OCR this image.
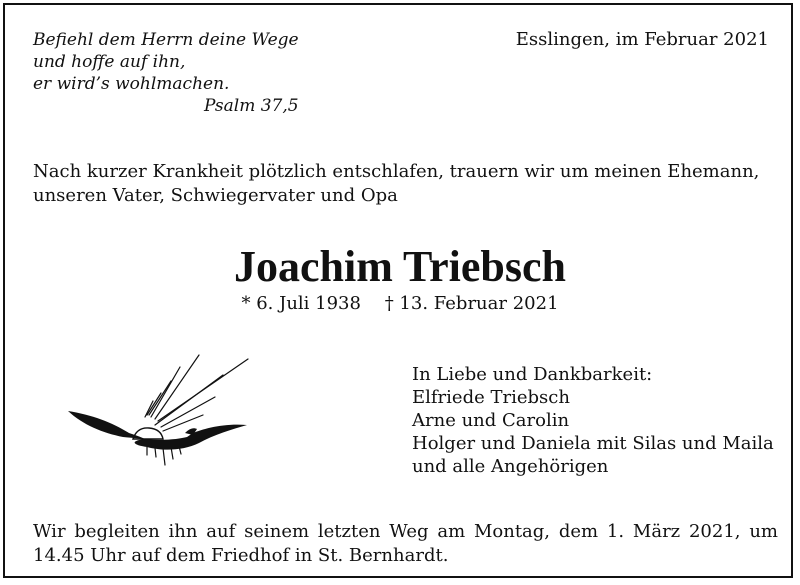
Befiehl dem Herrn deine Wege
und hoffe auf ihn,
er wird’s wohlmachen.
Psalm 37,5
Esslingen, im Februar 2021
Nach kurzer Krankheit plötzlich entschlafen, trauern wir um meinen Ehemann, unseren Vater, Schwiegervater und Opa
Joachim Triebsch
* 6. Juli 1938 † 13. Februar 2021
In Liebe und Dankbarkeit:
Elfriede Triebsch
Arne und Carolin
Holger und Daniela mit Silas und Maila
und alle Angehörigen
Wir begleiten ihn auf seinem letzten Weg am Montag, dem 1. März 2021, um 14.45 Uhr auf dem Friedhof in St. Bernhardt.
